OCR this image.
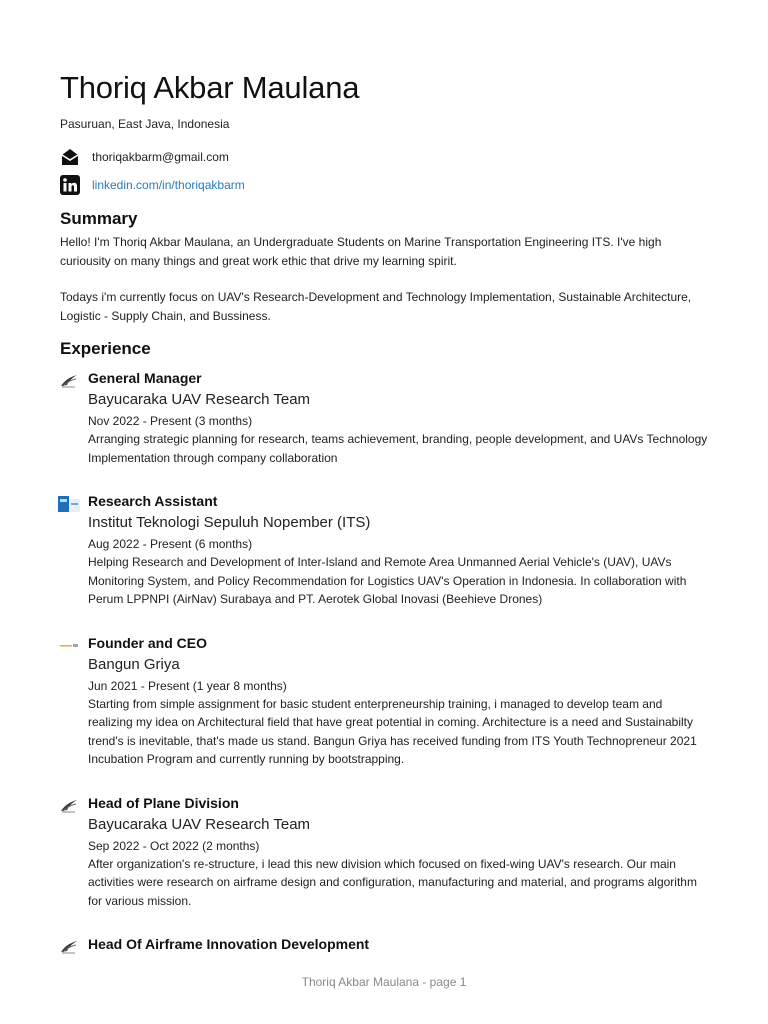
Thoriq Akbar Maulana
Pasuruan, East Java, Indonesia
thoriqakbarm@gmail.com
linkedin.com/in/thoriqakbarm
Summary

Hello! I'm Thoriq Akbar Maulana, an Undergraduate Students on Marine Transportation Engineering ITS. I've high curiousity on many things and great work ethic that drive my learning spirit.

Todays i'm currently focus on UAV's Research-Development and Technology Implementation, Sustainable Architecture, Logistic - Supply Chain, and Bussiness.

Experience
General Manager
Bayucaraka UAV Research Team
Nov 2022 - Present (3 months)
Arranging strategic planning for research, teams achievement, branding, people development, and UAVs Technology Implementation through company collaboration
Research Assistant
Institut Teknologi Sepuluh Nopember (ITS)
Aug 2022 - Present (6 months)
Helping Research and Development of Inter-Island and Remote Area Unmanned Aerial Vehicle's (UAV), UAVs Monitoring System, and Policy Recommendation for Logistics UAV's Operation in Indonesia. In collaboration with Perum LPPNPI (AirNav) Surabaya and PT. Aerotek Global Inovasi (Beehieve Drones)
Founder and CEO
Bangun Griya
Jun 2021 - Present (1 year 8 months)
Starting from simple assignment for basic student enterpreneurship training, i managed to develop team and realizing my idea on Architectural field that have great potential in coming. Architecture is a need and Sustainabilty trend's is inevitable, that's made us stand. Bangun Griya has received funding from ITS Youth Technopreneur 2021 Incubation Program and currently running by bootstrapping.
Head of Plane Division
Bayucaraka UAV Research Team
Sep 2022 - Oct 2022 (2 months)
After organization's re-structure, i lead this new division which focused on fixed-wing UAV's research. Our main activities were research on airframe design and configuration, manufacturing and material, and programs algorithm for various mission.
Head Of Airframe Innovation Development
Thoriq Akbar Maulana - page 1
